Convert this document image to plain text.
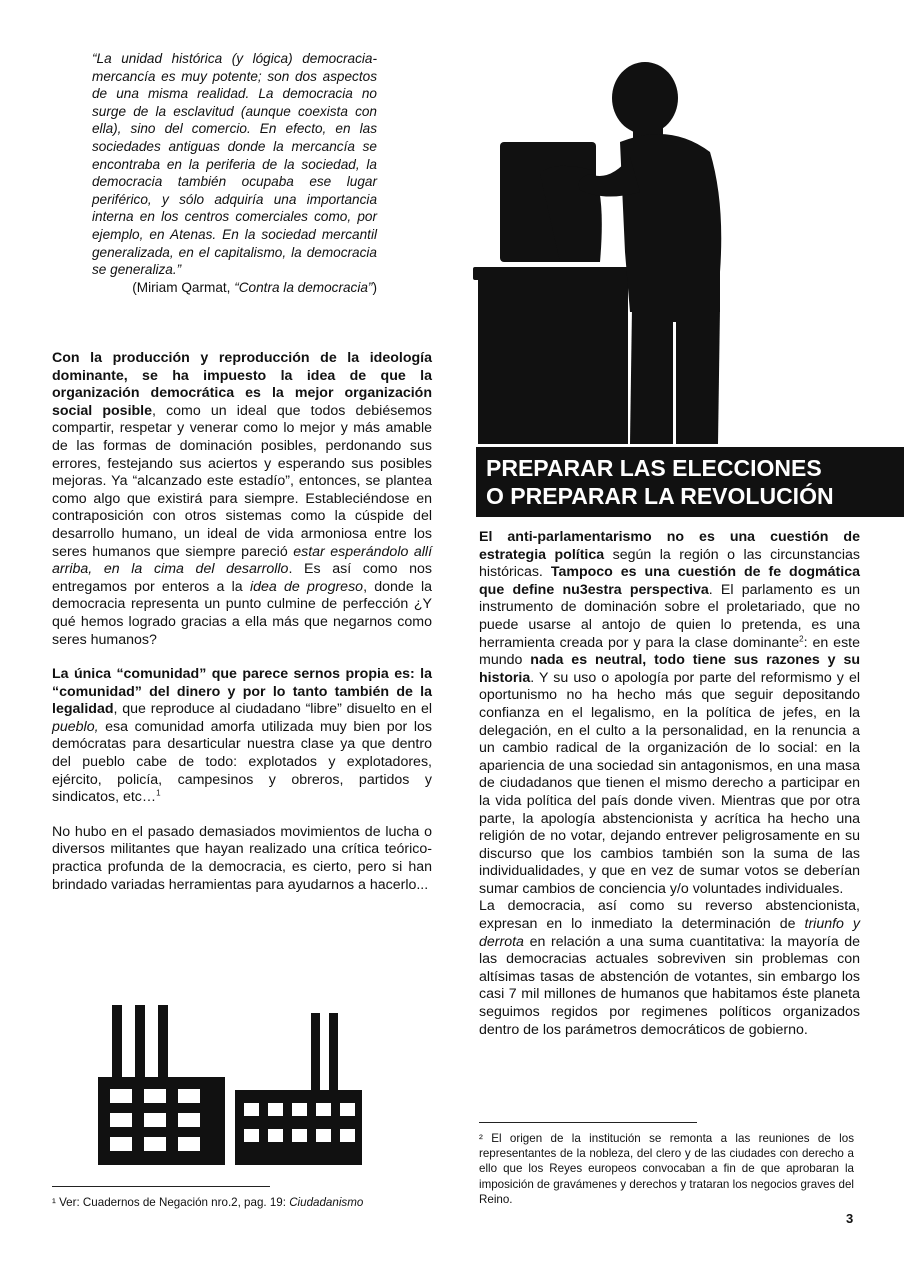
“La unidad histórica (y lógica) democracia-mercancía es muy potente; son dos aspectos de una misma realidad. La democracia no surge de la esclavitud (aunque coexista con ella), sino del comercio. En efecto, en las sociedades antiguas donde la mercancía se encontraba en la periferia de la sociedad, la democracia también ocupaba ese lugar periférico, y sólo adquiría una importancia interna en los centros comerciales como, por ejemplo, en Atenas. En la sociedad mercantil generalizada, en el capitalismo, la democracia se generaliza.”
(Miriam Qarmat, “Contra la democracia”)

Con la producción y reproducción de la ideología dominante, se ha impuesto la idea de que la organización democrática es la mejor organización social posible, como un ideal que todos debiésemos compartir, respetar y venerar como lo mejor y más amable de las formas de dominación posibles, perdonando sus errores, festejando sus aciertos y esperando sus posibles mejoras. Ya “alcanzado este estadío”, entonces, se plantea como algo que existirá para siempre. Estableciéndose en contraposición con otros sistemas como la cúspide del desarrollo humano, un ideal de vida armoniosa entre los seres humanos que siempre pareció estar esperándolo allí arriba, en la cima del desarrollo. Es así como nos entregamos por enteros a la idea de progreso, donde la democracia representa un punto culmine de perfección ¿Y qué hemos logrado gracias a ella más que negarnos como seres humanos?

La única “comunidad” que parece sernos propia es: la “comunidad” del dinero y por lo tanto también de la legalidad, que reproduce al ciudadano “libre” disuelto en el pueblo, esa comunidad amorfa utilizada muy bien por los demócratas para desarticular nuestra clase ya que dentro del pueblo cabe de todo: explotados y explotadores, ejército, policía, campesinos y obreros, partidos y sindicatos, etc…$^1$

No hubo en el pasado demasiados movimientos de lucha o diversos militantes que hayan realizado una crítica teórico-practica profunda de la democracia, es cierto, pero si han brindado variadas herramientas para ayudarnos a hacerlo...

PREPARAR LAS ELECCIONES
O PREPARAR LA REVOLUCIÓN

El anti-parlamentarismo no es una cuestión de estrategia política según la región o las circunstancias históricas. Tampoco es una cuestión de fe dogmática que define nu3estra perspectiva. El parlamento es un instrumento de dominación sobre el proletariado, que no puede usarse al antojo de quien lo pretenda, es una herramienta creada por y para la clase dominante$^2$: en este mundo nada es neutral, todo tiene sus razones y su historia. Y su uso o apología por parte del reformismo y el oportunismo no ha hecho más que seguir depositando confianza en el legalismo, en la política de jefes, en la delegación, en el culto a la personalidad, en la renuncia a un cambio radical de la organización de lo social: en la apariencia de una sociedad sin antagonismos, en una masa de ciudadanos que tienen el mismo derecho a participar en la vida política del país donde viven. Mientras que por otra parte, la apología abstencionista y acrítica ha hecho una religión de no votar, dejando entrever peligrosamente en su discurso que los cambios también son la suma de las individualidades, y que en vez de sumar votos se deberían sumar cambios de conciencia y/o voluntades individuales.

La democracia, así como su reverso abstencionista, expresan en lo inmediato la determinación de triunfo y derrota en relación a una suma cuantitativa: la mayoría de las democracias actuales sobreviven sin problemas con altísimas tasas de abstención de votantes, sin embargo los casi 7 mil millones de humanos que habitamos éste planeta seguimos regidos por regimenes políticos organizados dentro de los parámetros democráticos de gobierno.

¹ Ver: Cuadernos de Negación nro.2, pag. 19: Ciudadanismo
² El origen de la institución se remonta a las reuniones de los representantes de la nobleza, del clero y de las ciudades con derecho a ello que los Reyes europeos convocaban a fin de que aprobaran la imposición de gravámenes y derechos y trataran los negocios graves del Reino.
3
